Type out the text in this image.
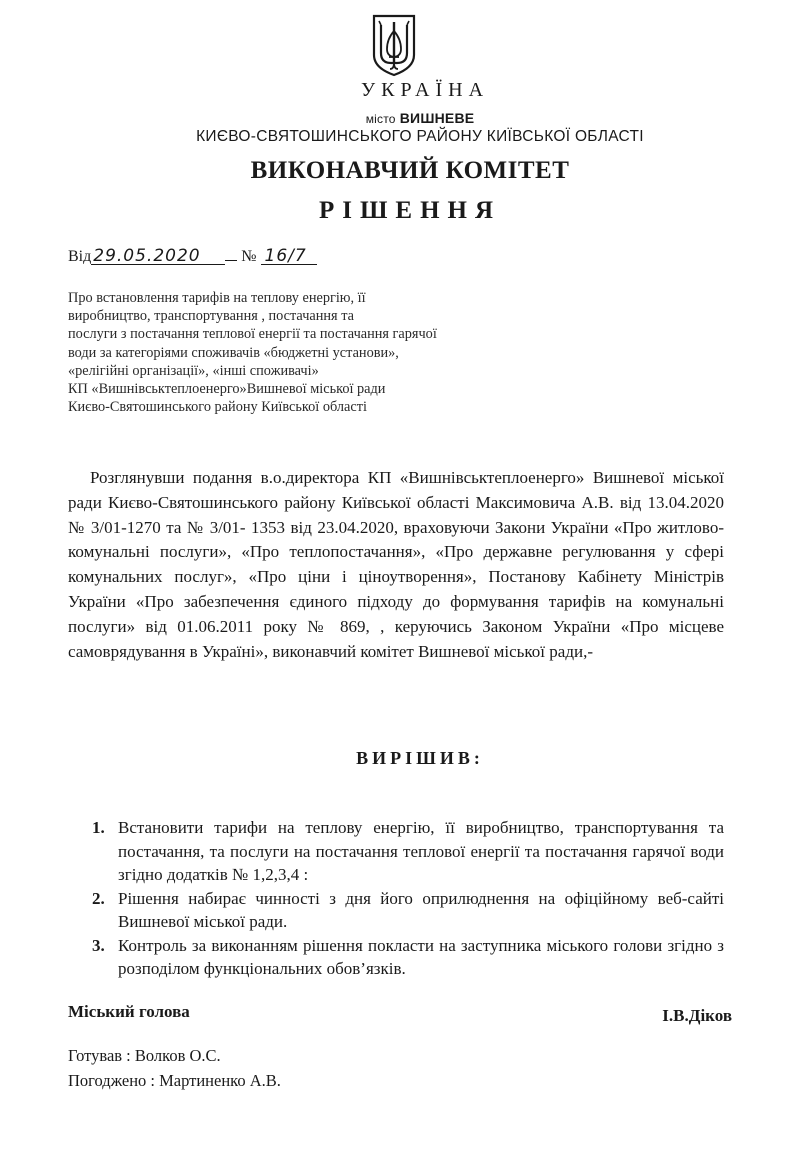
УКРАЇНА
місто ВИШНЕВЕ
КИЄВО-СВЯТОШИНСЬКОГО РАЙОНУ КИЇВСЬКОЇ ОБЛАСТІ
ВИКОНАВЧИЙ КОМІТЕТ
РІШЕННЯ
Від 29.05.2020	№ 16/7
Про встановлення тарифів на теплову енергію, її
виробництво, транспортування , постачання та
послуги з постачання теплової енергії та постачання гарячої
води за категоріями споживачів «бюджетні установи»,
«релігійні організації», «інші споживачі»
КП «Вишнівськтеплоенерго»Вишневої міської ради
Києво-Святошинського району Київської області
Розглянувши подання в.о.директора КП «Вишнівськтеплоенерго» Вишневої міської ради Києво-Святошинського району Київської області Максимовича А.В. від 13.04.2020 № 3/01-1270 та № 3/01- 1353 від 23.04.2020, враховуючи Закони України «Про житлово-комунальні послуги», «Про теплопостачання», «Про державне регулювання у сфері комунальних послуг», «Про ціни і ціноутворення», Постанову Кабінету Міністрів України «Про забезпечення єдиного підходу до формування тарифів на комунальні послуги» від 01.06.2011 року № 869, , керуючись Законом України «Про місцеве самоврядування в Україні», виконавчий комітет Вишневої міської ради,-
ВИРІШИВ:
1. Встановити тарифи на теплову енергію, її виробництво, транспортування та постачання, та послуги на постачання теплової енергії та постачання гарячої води згідно додатків № 1,2,3,4 :
2. Рішення набирає чинності з дня його оприлюднення на офіційному веб-сайті Вишневої міської ради.
3. Контроль за виконанням рішення покласти на заступника міського голови згідно з розподілом функціональних обов’язків.
Міський голова	І.В.Діков
Готував : Волков О.С.
Погоджено : Мартиненко А.В.
